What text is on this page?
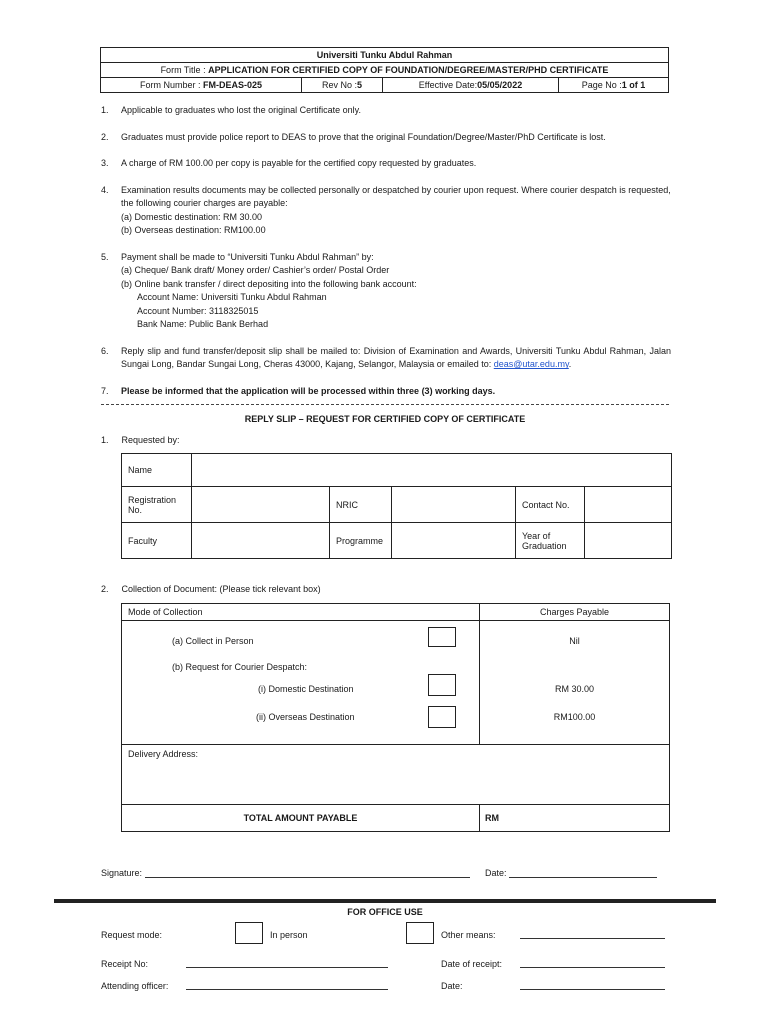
Universiti Tunku Abdul Rahman
Form Title : APPLICATION FOR CERTIFIED COPY OF FOUNDATION/DEGREE/MASTER/PHD CERTIFICATE
Form Number : FM-DEAS-025	Rev No : 5	Effective Date: 05/05/2022	Page No : 1 of 1
1. Applicable to graduates who lost the original Certificate only.
2. Graduates must provide police report to DEAS to prove that the original Foundation/Degree/Master/PhD Certificate is lost.
3. A charge of RM 100.00 per copy is payable for the certified copy requested by graduates.
4. Examination results documents may be collected personally or despatched by courier upon request. Where courier despatch is requested, the following courier charges are payable:
(a) Domestic destination: RM 30.00
(b) Overseas destination: RM100.00
5. Payment shall be made to “Universiti Tunku Abdul Rahman” by:
(a) Cheque/ Bank draft/ Money order/ Cashier’s order/ Postal Order
(b) Online bank transfer / direct depositing into the following bank account:
Account Name: Universiti Tunku Abdul Rahman
Account Number: 3118325015
Bank Name: Public Bank Berhad
6. Reply slip and fund transfer/deposit slip shall be mailed to: Division of Examination and Awards, Universiti Tunku Abdul Rahman, Jalan Sungai Long, Bandar Sungai Long, Cheras 43000, Kajang, Selangor, Malaysia or emailed to: deas@utar.edu.my.
7. Please be informed that the application will be processed within three (3) working days.
REPLY SLIP – REQUEST FOR CERTIFIED COPY OF CERTIFICATE
1. Requested by:
Name					
Registration No.		NRIC		Contact No.	
Faculty		Programme		Year of Graduation	
2. Collection of Document: (Please tick relevant box)
Mode of Collection	Charges Payable
(a) Collect in Person	Nil
(b) Request for Courier Despatch:
(i) Domestic Destination	RM 30.00
(ii) Overseas Destination	RM100.00
Delivery Address:
TOTAL AMOUNT PAYABLE	RM
Signature:	Date:
FOR OFFICE USE
Request mode:	In person	Other means:
Receipt No:	Date of receipt:
Attending officer:	Date:
